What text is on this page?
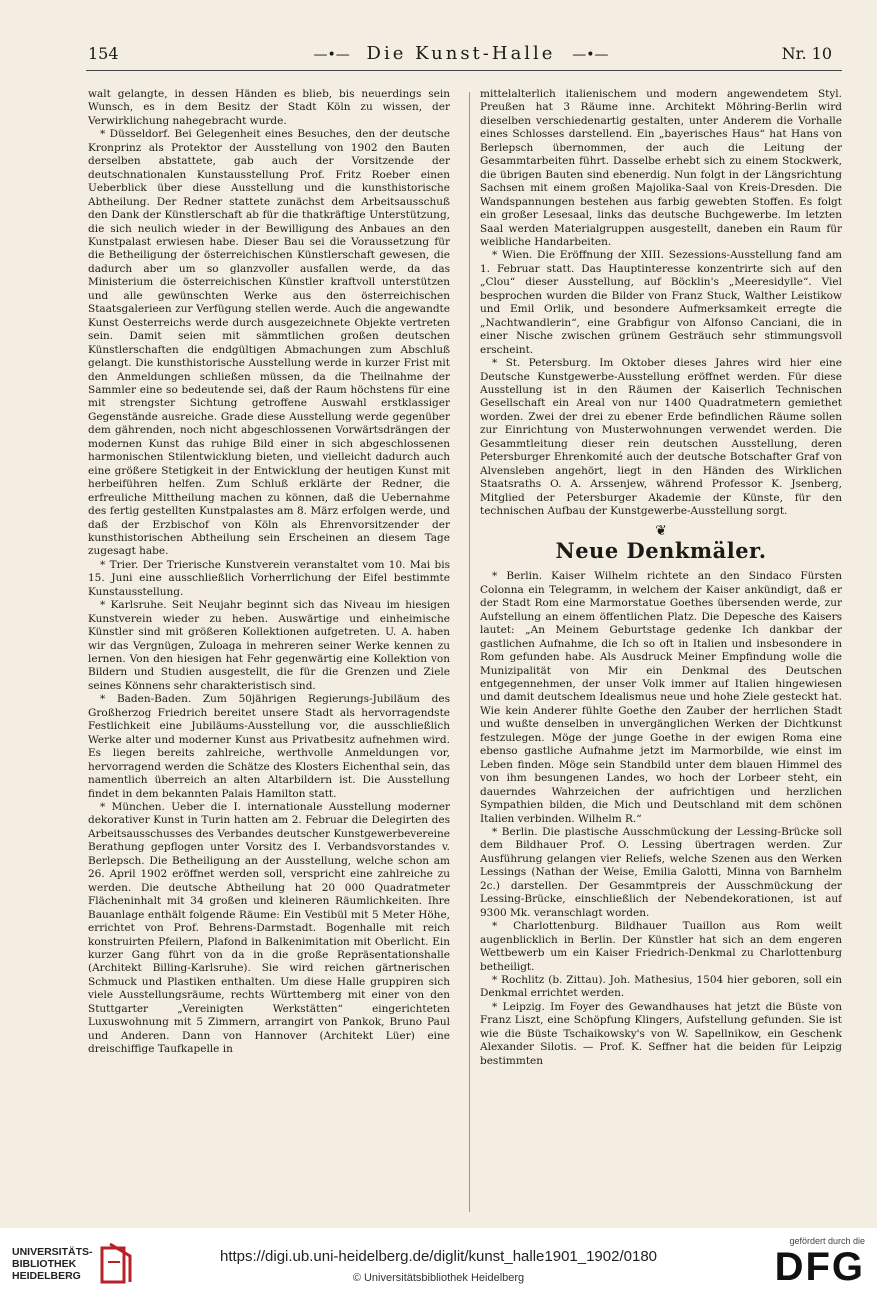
154	—•— Die Kunst-Halle —•—	Nr. 10

walt gelangte, in dessen Händen es blieb, bis neuerdings sein Wunsch, es in dem Besitz der Stadt Köln zu wissen, der Verwirklichung nahegebracht wurde.

* Düsseldorf. Bei Gelegenheit eines Besuches, den der deutsche Kronprinz als Protektor der Ausstellung von 1902 den Bauten derselben abstattete, gab auch der Vorsitzende der deutschnationalen Kunstausstellung Prof. Fritz Roeber einen Ueberblick über diese Ausstellung und die kunsthistorische Abtheilung. Der Redner stattete zunächst dem Arbeitsausschuß den Dank der Künstlerschaft ab für die thatkräftige Unterstützung, die sich neulich wieder in der Bewilligung des Anbaues an den Kunstpalast erwiesen habe. Dieser Bau sei die Voraussetzung für die Betheiligung der österreichischen Künstlerschaft gewesen, die dadurch aber um so glanzvoller ausfallen werde, da das Ministerium die österreichischen Künstler kraftvoll unterstützen und alle gewünschten Werke aus den österreichischen Staatsgalerieen zur Verfügung stellen werde. Auch die angewandte Kunst Oesterreichs werde durch ausgezeichnete Objekte vertreten sein. Damit seien mit sämmtlichen großen deutschen Künstlerschaften die endgültigen Abmachungen zum Abschluß gelangt. Die kunsthistorische Ausstellung werde in kurzer Frist mit den Anmeldungen schließen müssen, da die Theilnahme der Sammler eine so bedeutende sei, daß der Raum höchstens für eine mit strengster Sichtung getroffene Auswahl erstklassiger Gegenstände ausreiche. Grade diese Ausstellung werde gegenüber dem gährenden, noch nicht abgeschlossenen Vorwärtsdrängen der modernen Kunst das ruhige Bild einer in sich abgeschlossenen harmonischen Stilentwicklung bieten, und vielleicht dadurch auch eine größere Stetigkeit in der Entwicklung der heutigen Kunst mit herbeiführen helfen. Zum Schluß erklärte der Redner, die erfreuliche Mittheilung machen zu können, daß die Uebernahme des fertig gestellten Kunstpalastes am 8. März erfolgen werde, und daß der Erzbischof von Köln als Ehrenvorsitzender der kunsthistorischen Abtheilung sein Erscheinen an diesem Tage zugesagt habe.

* Trier. Der Trierische Kunstverein veranstaltet vom 10. Mai bis 15. Juni eine ausschließlich Vorherrlichung der Eifel bestimmte Kunstausstellung.

* Karlsruhe. Seit Neujahr beginnt sich das Niveau im hiesigen Kunstverein wieder zu heben. Auswärtige und einheimische Künstler sind mit größeren Kollektionen aufgetreten. U. A. haben wir das Vergnügen, Zuloaga in mehreren seiner Werke kennen zu lernen. Von den hiesigen hat Fehr gegenwärtig eine Kollektion von Bildern und Studien ausgestellt, die für die Grenzen und Ziele seines Könnens sehr charakteristisch sind.

* Baden-Baden. Zum 50jährigen Regierungs-Jubiläum des Großherzog Friedrich bereitet unsere Stadt als hervorragendste Festlichkeit eine Jubiläums-Ausstellung vor, die ausschließlich Werke alter und moderner Kunst aus Privatbesitz aufnehmen wird. Es liegen bereits zahlreiche, werthvolle Anmeldungen vor, hervorragend werden die Schätze des Klosters Eichenthal sein, das namentlich überreich an alten Altarbildern ist. Die Ausstellung findet in dem bekannten Palais Hamilton statt.

* München. Ueber die I. internationale Ausstellung moderner dekorativer Kunst in Turin hatten am 2. Februar die Delegirten des Arbeitsausschusses des Verbandes deutscher Kunstgewerbevereine Berathung gepflogen unter Vorsitz des I. Verbandsvorstandes v. Berlepsch. Die Betheiligung an der Ausstellung, welche schon am 26. April 1902 eröffnet werden soll, verspricht eine zahlreiche zu werden. Die deutsche Abtheilung hat 20 000 Quadratmeter Flächeninhalt mit 34 großen und kleineren Räumlichkeiten. Ihre Bauanlage enthält folgende Räume: Ein Vestibül mit 5 Meter Höhe, errichtet von Prof. Behrens-Darmstadt. Bogenhalle mit reich konstruirten Pfeilern, Plafond in Balkenimitation mit Oberlicht. Ein kurzer Gang führt von da in die große Repräsentationshalle (Architekt Billing-Karlsruhe). Sie wird reichen gärtnerischen Schmuck und Plastiken enthalten. Um diese Halle gruppiren sich viele Ausstellungsräume, rechts Württemberg mit einer von den Stuttgarter „Vereinigten Werkstätten“ eingerichteten Luxuswohnung mit 5 Zimmern, arrangirt von Pankok, Bruno Paul und Anderen. Dann von Hannover (Architekt Lüer) eine dreischiffige Taufkapelle in

mittelalterlich italienischem und modern angewendetem Styl. Preußen hat 3 Räume inne. Architekt Möhring-Berlin wird dieselben verschiedenartig gestalten, unter Anderem die Vorhalle eines Schlosses darstellend. Ein „bayerisches Haus“ hat Hans von Berlepsch übernommen, der auch die Leitung der Gesammtarbeiten führt. Dasselbe erhebt sich zu einem Stockwerk, die übrigen Bauten sind ebenerdig. Nun folgt in der Längsrichtung Sachsen mit einem großen Majolika-Saal von Kreis-Dresden. Die Wandspannungen bestehen aus farbig gewebten Stoffen. Es folgt ein großer Lesesaal, links das deutsche Buchgewerbe. Im letzten Saal werden Materialgruppen ausgestellt, daneben ein Raum für weibliche Handarbeiten.

* Wien. Die Eröffnung der XIII. Sezessions-Ausstellung fand am 1. Februar statt. Das Hauptinteresse konzentrirte sich auf den „Clou“ dieser Ausstellung, auf Böcklin's „Meeresidylle“. Viel besprochen wurden die Bilder von Franz Stuck, Walther Leistikow und Emil Orlik, und besondere Aufmerksamkeit erregte die „Nachtwandlerin“, eine Grabfigur von Alfonso Canciani, die in einer Nische zwischen grünem Gesträuch sehr stimmungsvoll erscheint.

* St. Petersburg. Im Oktober dieses Jahres wird hier eine Deutsche Kunstgewerbe-Ausstellung eröffnet werden. Für diese Ausstellung ist in den Räumen der Kaiserlich Technischen Gesellschaft ein Areal von nur 1400 Quadratmetern gemiethet worden. Zwei der drei zu ebener Erde befindlichen Räume sollen zur Einrichtung von Musterwohnungen verwendet werden. Die Gesammtleitung dieser rein deutschen Ausstellung, deren Petersburger Ehrenkomité auch der deutsche Botschafter Graf von Alvensleben angehört, liegt in den Händen des Wirklichen Staatsraths O. A. Arssenjew, während Professor K. Jsenberg, Mitglied der Petersburger Akademie der Künste, für den technischen Aufbau der Kunstgewerbe-Ausstellung sorgt.

❦
Neue Denkmäler.

* Berlin. Kaiser Wilhelm richtete an den Sindaco Fürsten Colonna ein Telegramm, in welchem der Kaiser ankündigt, daß er der Stadt Rom eine Marmorstatue Goethes übersenden werde, zur Aufstellung an einem öffentlichen Platz. Die Depesche des Kaisers lautet: „An Meinem Geburtstage gedenke Ich dankbar der gastlichen Aufnahme, die Ich so oft in Italien und insbesondere in Rom gefunden habe. Als Ausdruck Meiner Empfindung wolle die Munizipalität von Mir ein Denkmal des Deutschen entgegennehmen, der unser Volk immer auf Italien hingewiesen und damit deutschem Idealismus neue und hohe Ziele gesteckt hat. Wie kein Anderer fühlte Goethe den Zauber der herrlichen Stadt und wußte denselben in unvergänglichen Werken der Dichtkunst festzulegen. Möge der junge Goethe in der ewigen Roma eine ebenso gastliche Aufnahme jetzt im Marmorbilde, wie einst im Leben finden. Möge sein Standbild unter dem blauen Himmel des von ihm besungenen Landes, wo hoch der Lorbeer steht, ein dauerndes Wahrzeichen der aufrichtigen und herzlichen Sympathien bilden, die Mich und Deutschland mit dem schönen Italien verbinden. Wilhelm R.“

* Berlin. Die plastische Ausschmückung der Lessing-Brücke soll dem Bildhauer Prof. O. Lessing übertragen werden. Zur Ausführung gelangen vier Reliefs, welche Szenen aus den Werken Lessings (Nathan der Weise, Emilia Galotti, Minna von Barnhelm 2c.) darstellen. Der Gesammtpreis der Ausschmückung der Lessing-Brücke, einschließlich der Nebendekorationen, ist auf 9300 Mk. veranschlagt worden.

* Charlottenburg. Bildhauer Tuaillon aus Rom weilt augenblicklich in Berlin. Der Künstler hat sich an dem engeren Wettbewerb um ein Kaiser Friedrich-Denkmal zu Charlottenburg betheiligt.

* Rochlitz (b. Zittau). Joh. Mathesius, 1504 hier geboren, soll ein Denkmal errichtet werden.

* Leipzig. Im Foyer des Gewandhauses hat jetzt die Büste von Franz Liszt, eine Schöpfung Klingers, Aufstellung gefunden. Sie ist wie die Büste Tschaikowsky's von W. Sapellnikow, ein Geschenk Alexander Silotis. — Prof. K. Seffner hat die beiden für Leipzig bestimmten

UNIVERSITÄTS-
BIBLIOTHEK
HEIDELBERG
https://digi.ub.uni-heidelberg.de/diglit/kunst_halle1901_1902/0180
© Universitätsbibliothek Heidelberg
gefördert durch die
DFG
